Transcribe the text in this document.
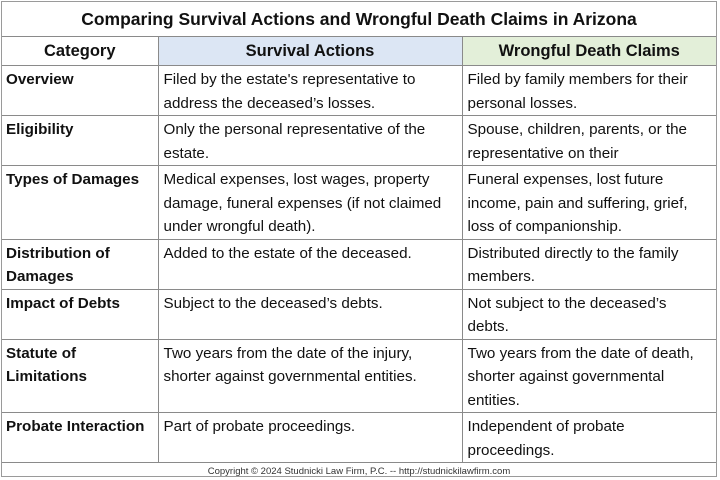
Comparing Survival Actions and Wrongful Death Claims in Arizona
Category	Survival Actions	Wrongful Death Claims
Overview	Filed by the estate's representative to address the deceased’s losses.	Filed by family members for their personal losses.
Eligibility	Only the personal representative of the estate.	Spouse, children, parents, or the representative on their

Types of Damages	Medical expenses, lost wages, property damage, funeral expenses (if not claimed under wrongful death).	Funeral expenses, lost future income, pain and suffering, grief, loss of companionship.
Distribution of Damages	Added to the estate of the deceased.	Distributed directly to the family members.
Impact of Debts	Subject to the deceased’s debts.	Not subject to the deceased’s debts.
Statute of Limitations	Two years from the date of the injury, shorter against governmental entities.	Two years from the date of death, shorter against governmental entities.
Probate Interaction	Part of probate proceedings.	Independent of probate proceedings.
Copyright © 2024 Studnicki Law Firm, P.C. -- http://studnickilawfirm.com
